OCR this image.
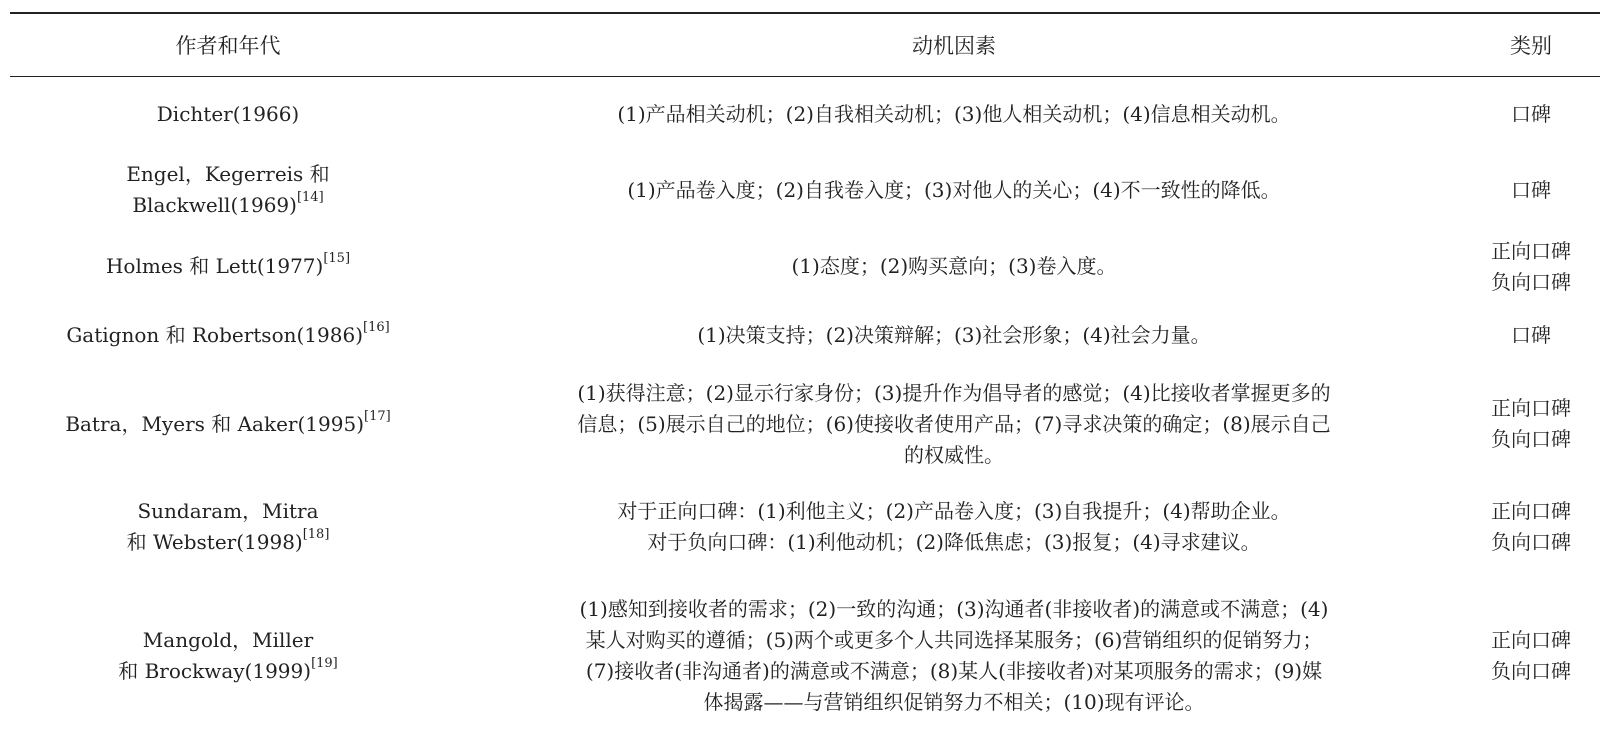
作者和年代	动机因素	类别

Dichter(1966)	(1)产品相关动机；(2)自我相关动机；(3)他人相关动机；(4)信息相关动机。	口碑

Engel，Kegerreis 和
Blackwell(1969)[14]	(1)产品卷入度；(2)自我卷入度；(3)对他人的关心；(4)不一致性的降低。	口碑

Holmes 和 Lett(1977)[15]	(1)态度；(2)购买意向；(3)卷入度。	正向口碑
负向口碑

Gatignon 和 Robertson(1986)[16]	(1)决策支持；(2)决策辩解；(3)社会形象；(4)社会力量。	口碑

Batra，Myers 和 Aaker(1995)[17]	(1)获得注意；(2)显示行家身份；(3)提升作为倡导者的感觉；(4)比接收者掌握更多的
信息；(5)展示自己的地位；(6)使接收者使用产品；(7)寻求决策的确定；(8)展示自己
的权威性。	正向口碑
负向口碑

Sundaram，Mitra
和 Webster(1998)[18]	对于正向口碑：(1)利他主义；(2)产品卷入度；(3)自我提升；(4)帮助企业。
对于负向口碑：(1)利他动机；(2)降低焦虑；(3)报复；(4)寻求建议。	正向口碑
负向口碑

Mangold，Miller
和 Brockway(1999)[19]	(1)感知到接收者的需求；(2)一致的沟通；(3)沟通者(非接收者)的满意或不满意；(4)
某人对购买的遵循；(5)两个或更多个人共同选择某服务；(6)营销组织的促销努力；
(7)接收者(非沟通者)的满意或不满意；(8)某人(非接收者)对某项服务的需求；(9)媒
体揭露——与营销组织促销努力不相关；(10)现有评论。	正向口碑
负向口碑
